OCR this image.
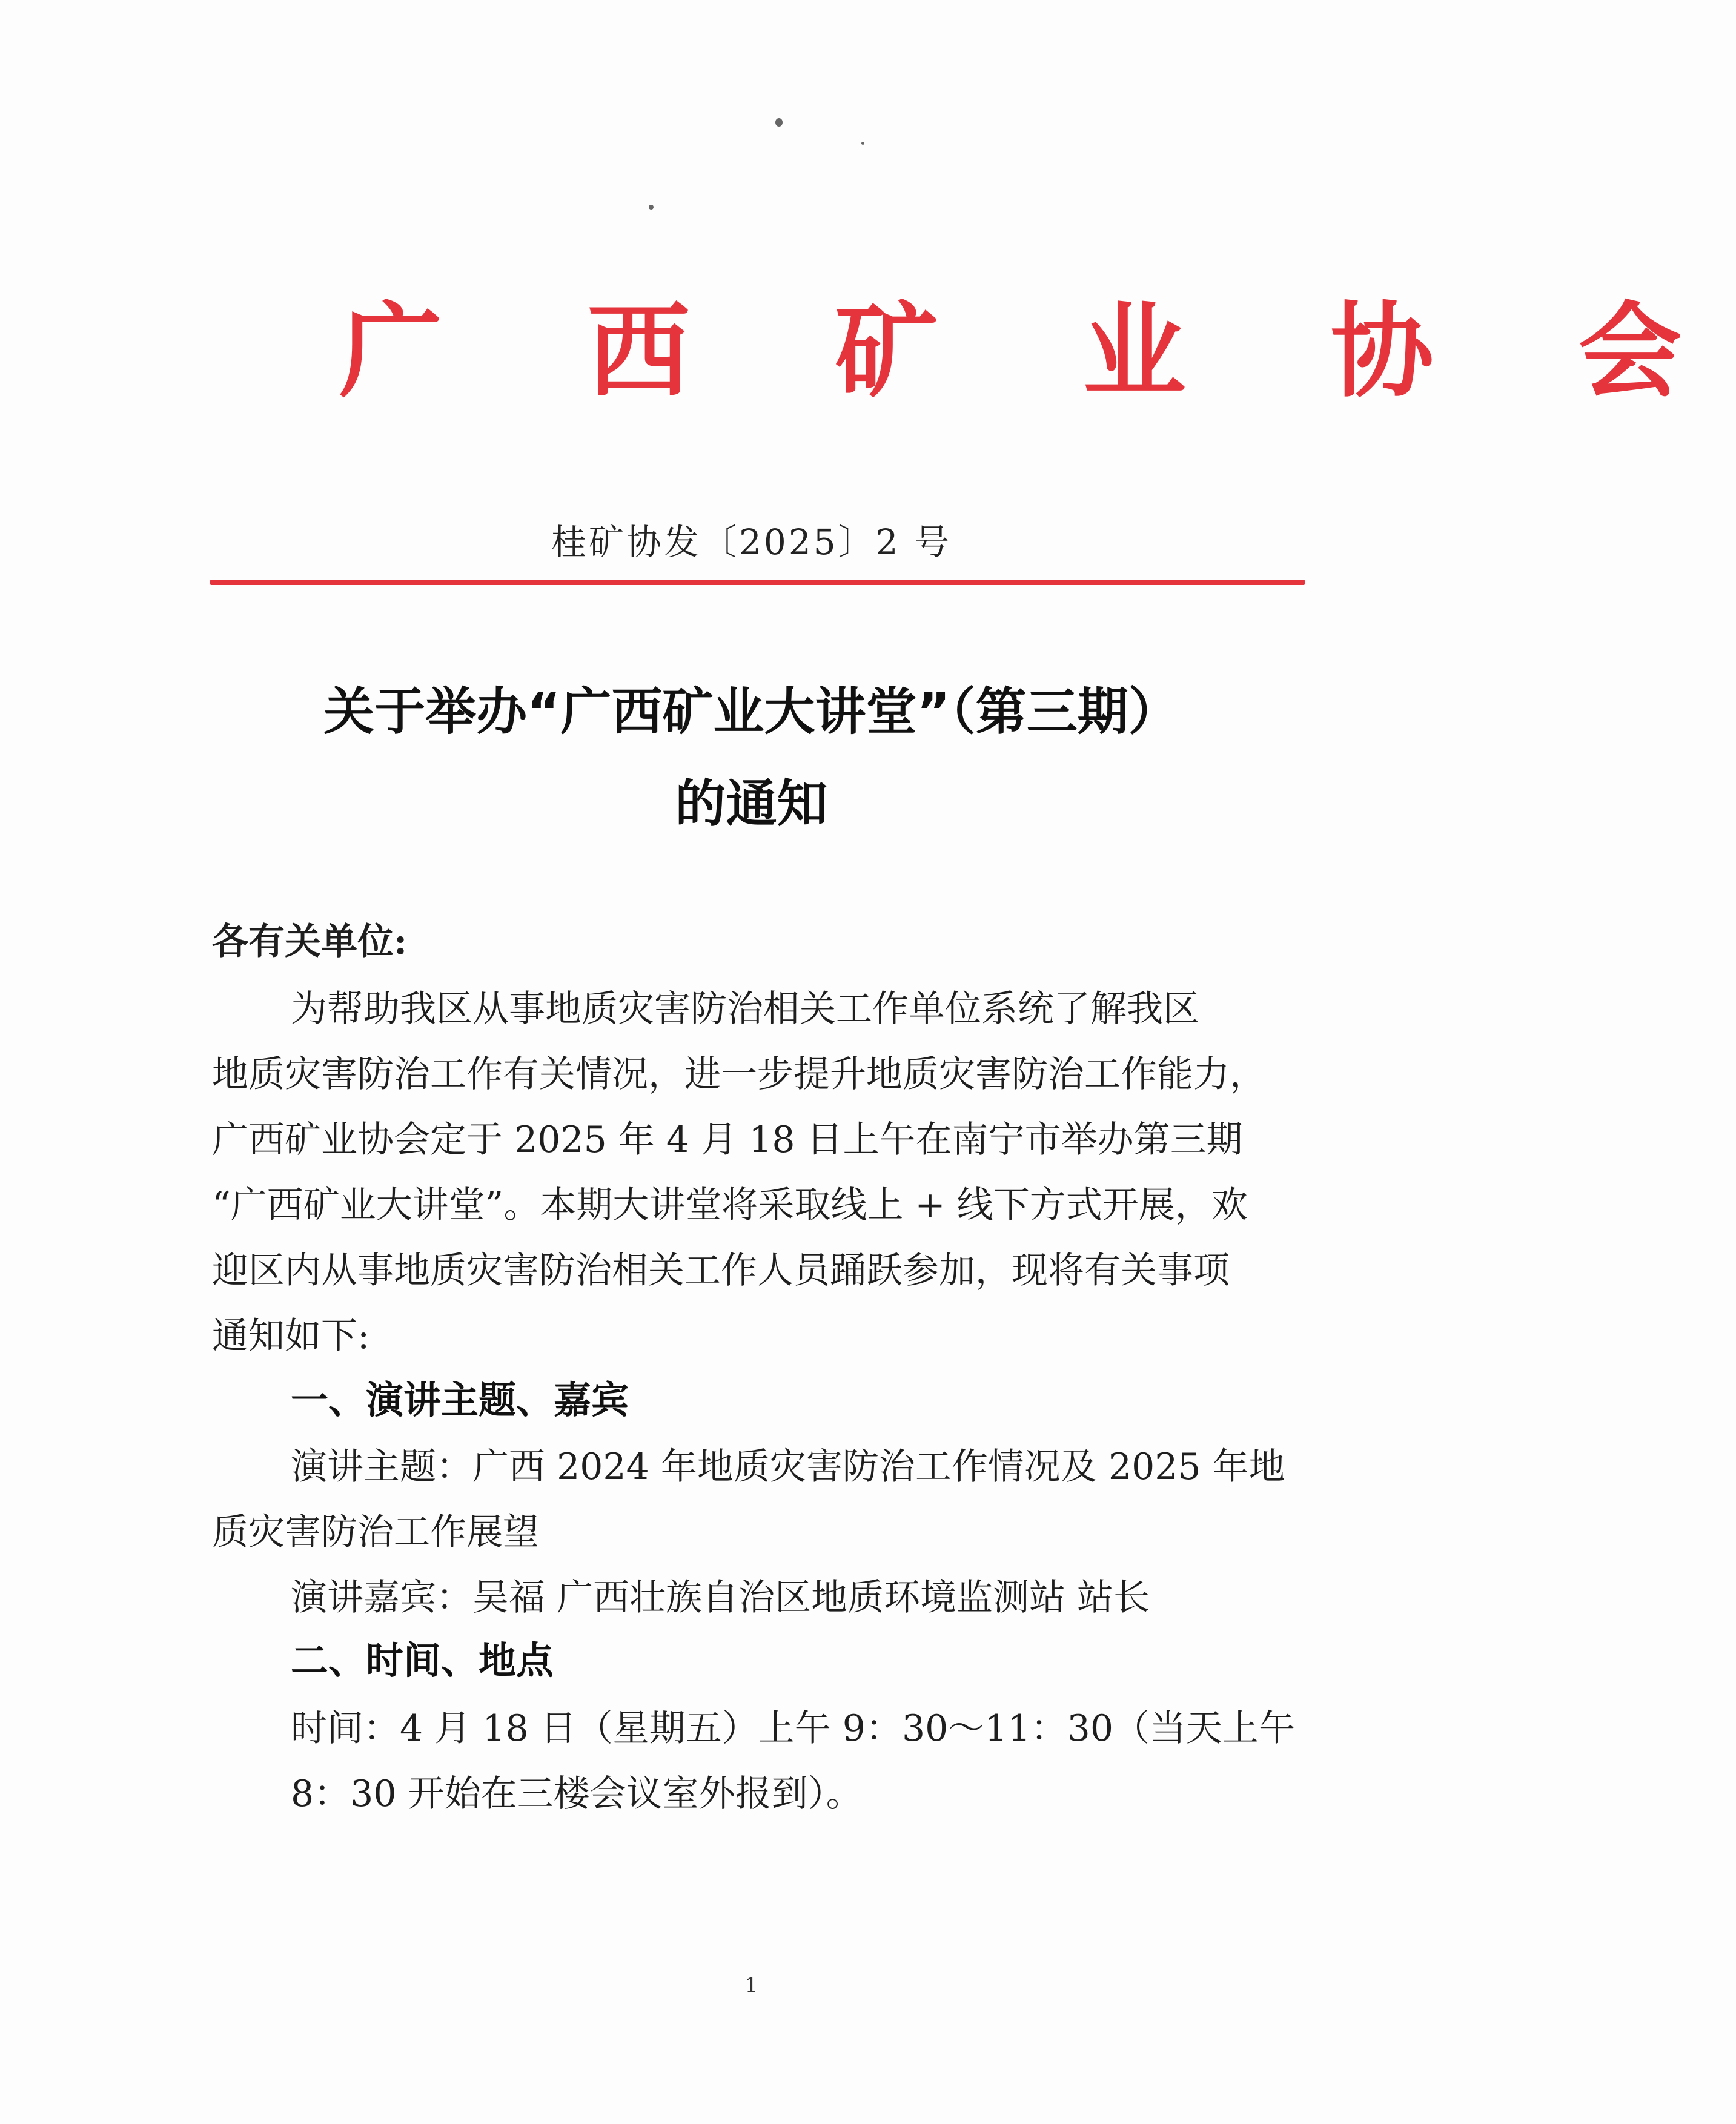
广 西 矿 业 协 会
桂矿协发〔2025〕2 号
关于举办“广西矿业大讲堂”（第三期）
的通知
各有关单位:
为帮助我区从事地质灾害防治相关工作单位系统了解我区
地质灾害防治工作有关情况，进一步提升地质灾害防治工作能力，
广西矿业协会定于 2025 年 4 月 18 日上午在南宁市举办第三期
“广西矿业大讲堂”。本期大讲堂将采取线上 + 线下方式开展，欢
迎区内从事地质灾害防治相关工作人员踊跃参加，现将有关事项
通知如下:
一、演讲主题、嘉宾
演讲主题：广西 2024 年地质灾害防治工作情况及 2025 年地
质灾害防治工作展望
演讲嘉宾：吴福 广西壮族自治区地质环境监测站 站长
二、时间、地点
时间：4 月 18 日（星期五）上午 9：30～11：30（当天上午
8：30 开始在三楼会议室外报到）。
1
